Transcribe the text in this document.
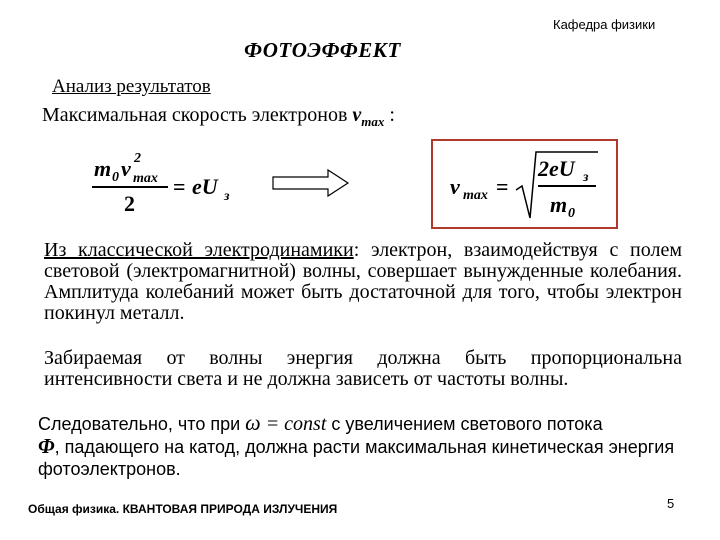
Кафедра физики
ФОТОЭФФЕКТ
Анализ результатов
Максимальная скорость электронов $v_{max}$ :
m 0 v 2
max
2
= eU з	v max =
2eU з
m 0
Из классической электродинамики: электрон, взаимодействуя с полем световой (электромагнитной) волны, совершает вынужденные колебания. Амплитуда колебаний может быть достаточной для того, чтобы электрон покинул металл.
Забираемая от волны энергия должна быть пропорциональна интенсивности света и не должна зависеть от частоты волны.
Следовательно, что при ω = const с увеличением светового потока
Φ, падающего на катод, должна расти максимальная кинетическая энергия фотоэлектронов.
Общая физика. КВАНТОВАЯ ПРИРОДА ИЗЛУЧЕНИЯ	5
